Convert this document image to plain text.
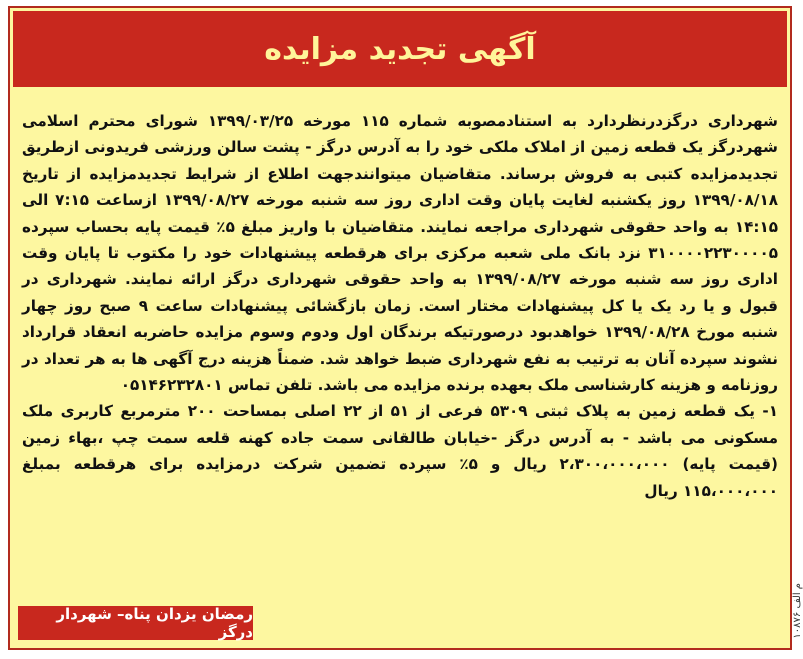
آگهی تجدید مزایده

شهرداری درگزدرنظردارد به استنادمصوبه شماره ۱۱۵ مورخه ۱۳۹۹/۰۳/۲۵ شورای محترم اسلامی شهردرگز یک قطعه زمین از املاک ملکی خود را به آدرس درگز - پشت سالن ورزشی فریدونی ازطریق تجدیدمزایده کتبی به فروش برساند. متقاضیان میتوانندجهت اطلاع از شرایط تجدیدمزایده از تاریخ ۱۳۹۹/۰۸/۱۸ روز یکشنبه لغایت پایان وقت اداری روز سه شنبه مورخه ۱۳۹۹/۰۸/۲۷ ازساعت ۷:۱۵ الی ۱۴:۱۵ به واحد حقوقی شهرداری مراجعه نمایند. متقاضیان با واریز مبلغ ۵٪ قیمت پایه بحساب سپرده ۳۱۰۰۰۰۲۲۳۰۰۰۰۵ نزد بانک ملی شعبه مرکزی برای هرقطعه پیشنهادات خود را مکتوب تا پایان وقت اداری روز سه شنبه مورخه ۱۳۹۹/۰۸/۲۷ به واحد حقوقی شهرداری درگز ارائه نمایند. شهرداری در قبول و یا رد یک یا کل پیشنهادات مختار است. زمان بازگشائی پیشنهادات ساعت ۹ صبح روز چهار شنبه مورخ ۱۳۹۹/۰۸/۲۸ خواهدبود درصورتیکه برندگان اول ودوم وسوم مزایده حاضربه انعقاد قرارداد نشوند سپرده آنان به ترتیب به نفع شهرداری ضبط خواهد شد. ضمناً هزینه درج آگهی ها به هر تعداد در روزنامه و هزینه کارشناسی ملک بعهده برنده مزایده می باشد. تلفن تماس ۰۵۱۴۶۲۳۲۸۰۱

۱- یک قطعه زمین به پلاک ثبتی ۵۳۰۹ فرعی از ۵۱ از ۲۲ اصلی بمساحت ۲۰۰ مترمربع کاربری ملک مسکونی می باشد - به آدرس درگز -خیابان طالقانی سمت جاده کهنه قلعه سمت چپ ،بهاء زمین (قیمت پایه) ۲،۳۰۰،۰۰۰،۰۰۰ ریال و ۵٪ سپرده تضمین شرکت درمزایده برای هرقطعه بمبلغ ۱۱۵،۰۰۰،۰۰۰ ریال

رمضان یزدان پناه– شهردار درگز	م الف ۱۰۸۷۶
